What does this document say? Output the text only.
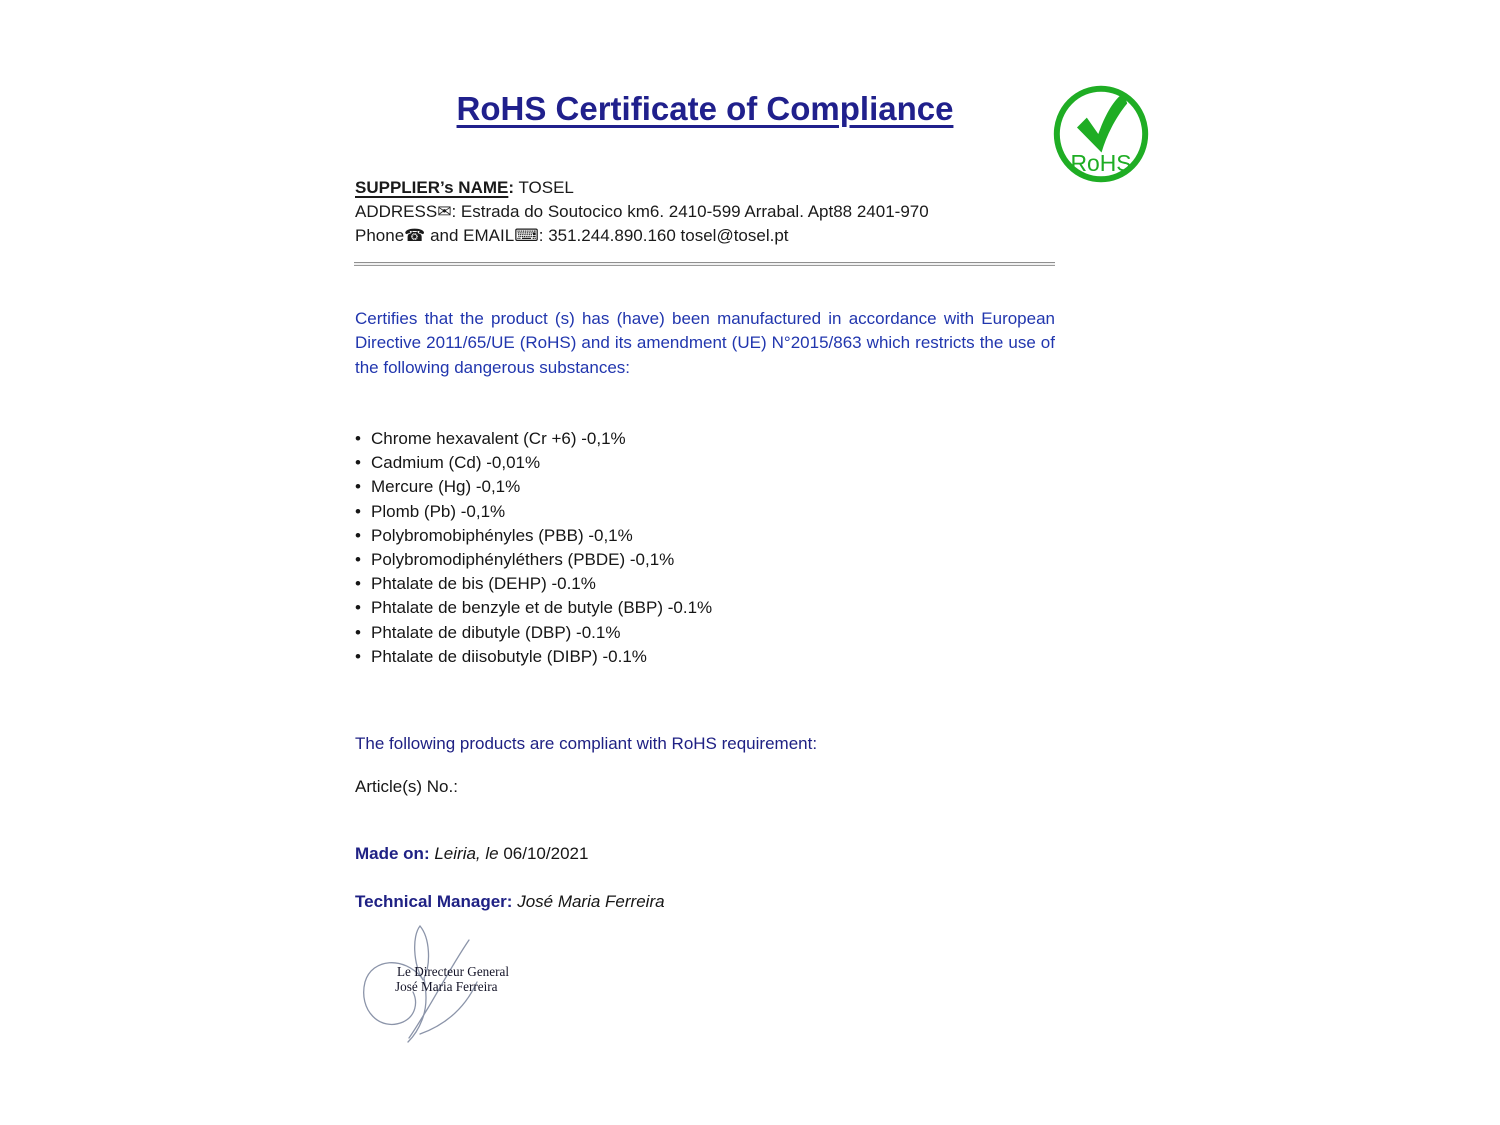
RoHS Certificate of Compliance
RoHS
SUPPLIER’s NAME: TOSEL
ADDRESS✉: Estrada do Soutocico km6. 2410-599 Arrabal. Apt88 2401-970
Phone☎ and EMAIL⌨: 351.244.890.160 tosel@tosel.pt
Certifies that the product (s) has (have) been manufactured in accordance with European Directive 2011/65/UE (RoHS) and its amendment (UE) N°2015/863 which restricts the use of the following dangerous substances:
• Chrome hexavalent (Cr +6) -0,1%
• Cadmium (Cd) -0,01%
• Mercure (Hg) -0,1%
• Plomb (Pb) -0,1%
• Polybromobiphényles (PBB) -0,1%
• Polybromodiphényléthers (PBDE) -0,1%
• Phtalate de bis (DEHP) -0.1%
• Phtalate de benzyle et de butyle (BBP) -0.1%
• Phtalate de dibutyle (DBP) -0.1%
• Phtalate de diisobutyle (DIBP) -0.1%
The following products are compliant with RoHS requirement:
Article(s) No.:
Made on: Leiria, le 06/10/2021
Technical Manager: José Maria Ferreira
Le Directeur General
José Maria Ferreira
